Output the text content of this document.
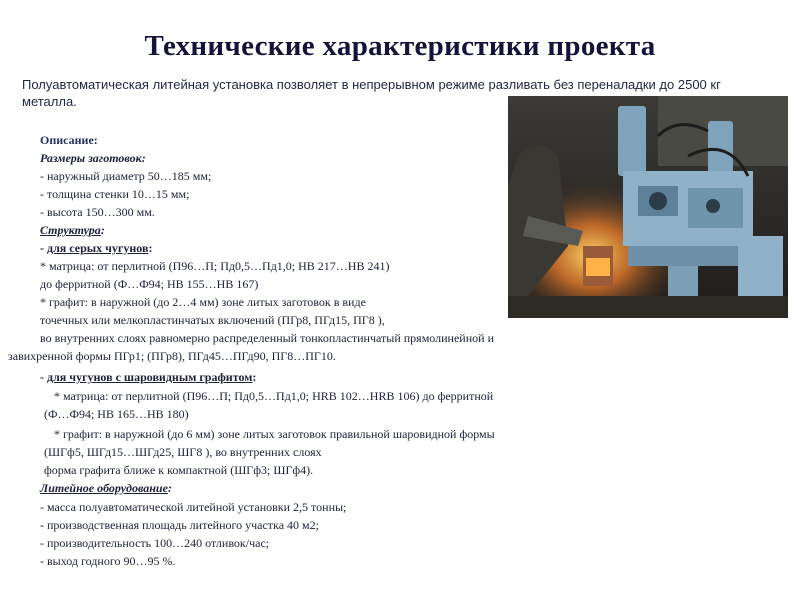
Технические характеристики проекта
Полуавтоматическая литейная установка позволяет в непрерывном режиме разливать без переналадки до 2500 кг металла.
Описание:
Размеры заготовок:
- наружный диаметр 50…185 мм;
- толщина стенки 10…15 мм;
- высота 150…300 мм.
Структура:
- для серых чугунов:
* матрица: от перлитной (П96…П; Пд0,5…Пд1,0; НВ 217…НВ 241)
до ферритной (Ф…Ф94; НВ 155…НВ 167)
* графит: в наружной (до 2…4 мм) зоне литых заготовок в виде
точечных или мелкопластинчатых включений (ПГр8, ПГд15, ПГ8 ),
во внутренних слоях равномерно распределенный тонкопластинчатый прямолинейной и
завихренной формы ПГр1; (ПГр8), ПГд45…ПГд90, ПГ8…ПГ10.
- для чугунов с шаровидным графитом:
* матрица: от перлитной (П96…П; Пд0,5…Пд1,0; HRB 102…HRB 106) до ферритной
(Ф…Ф94; НВ 165…НВ 180)
* графит: в наружной (до 6 мм) зоне литых заготовок правильной шаровидной формы
(ШГф5, ШГд15…ШГд25, ШГ8 ), во внутренних слоях
форма графита ближе к компактной (ШГф3; ШГф4).
Литейное оборудование:
- масса полуавтоматической литейной установки 2,5 тонны;
- производственная площадь литейного участка 40 м2;
- производительность 100…240 отливок/час;
- выход годного 90…95 %.
